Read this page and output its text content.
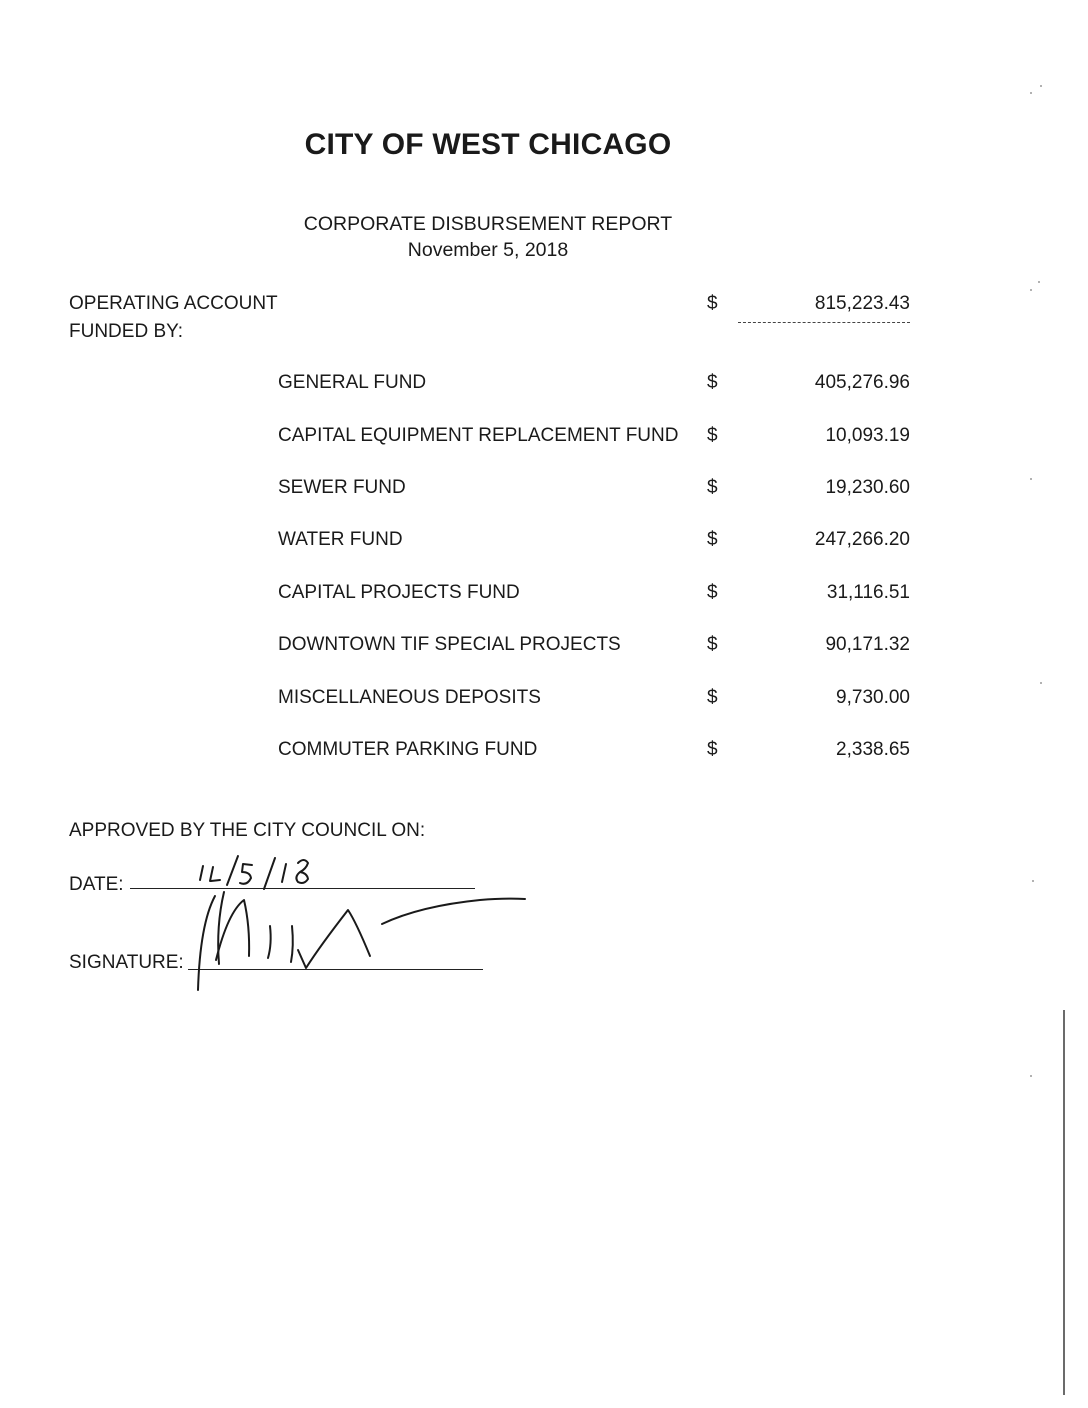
CITY OF WEST CHICAGO
CORPORATE DISBURSEMENT REPORT
November 5, 2018
OPERATING ACCOUNT	$	815,223.43
FUNDED BY:
GENERAL FUND	$	405,276.96
CAPITAL EQUIPMENT REPLACEMENT FUND $	10,093.19
SEWER FUND	$	19,230.60
WATER FUND	$	247,266.20
CAPITAL PROJECTS FUND	$	31,116.51
DOWNTOWN TIF SPECIAL PROJECTS	$	90,171.32
MISCELLANEOUS DEPOSITS	$	9,730.00
COMMUTER PARKING FUND	$	2,338.65
APPROVED BY THE CITY COUNCIL ON:
DATE:
SIGNATURE:
